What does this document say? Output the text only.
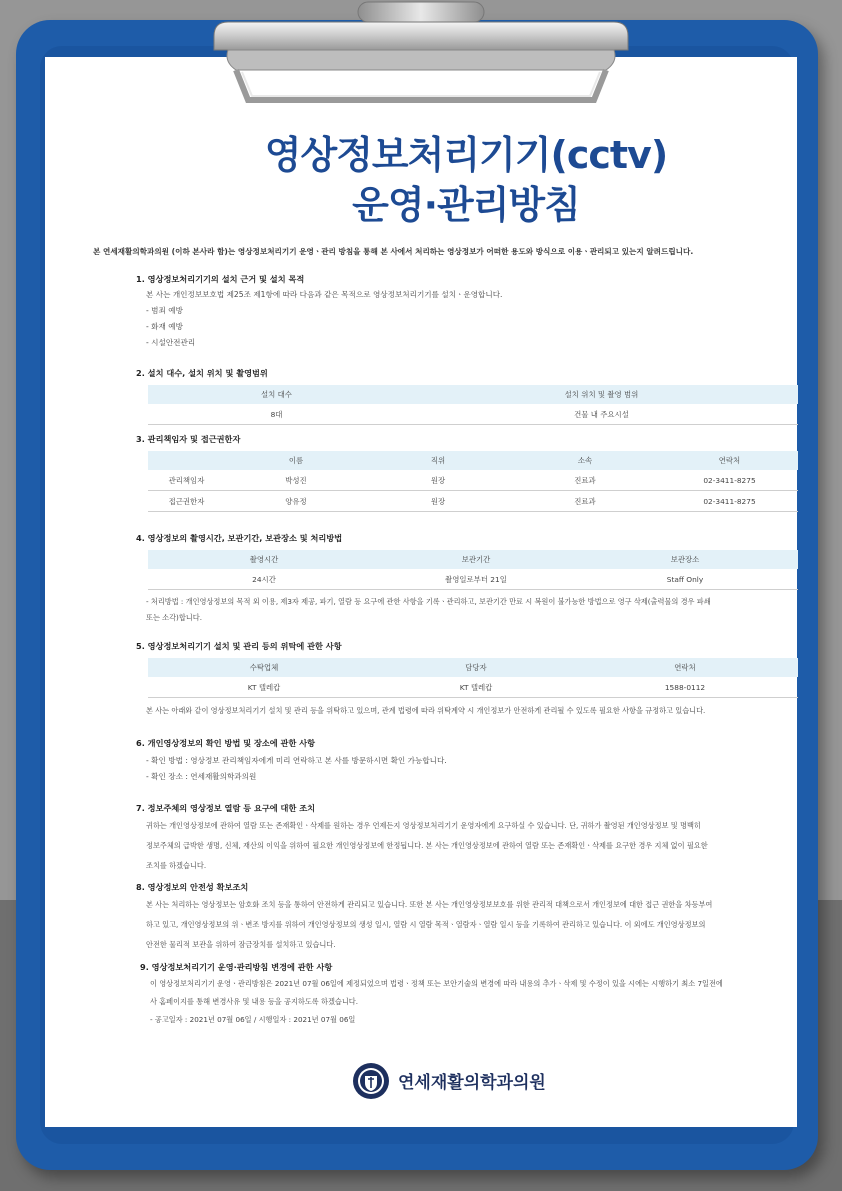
영상정보처리기기(cctv)
운영·관리방침
본 연세재활의학과의원 (이하 본사라 함)는 영상정보처리기기 운영ㆍ관리 방침을 통해 본 사에서 처리하는 영상정보가 어떠한 용도와 방식으로 이용ㆍ관리되고 있는지 알려드립니다.
1. 영상정보처리기기의 설치 근거 및 설치 목적
본 사는 개인정보보호법 제25조 제1항에 따라 다음과 같은 목적으로 영상정보처리기기를 설치ㆍ운영합니다.
- 범죄 예방
- 화재 예방
- 시설안전관리
2. 설치 대수, 설치 위치 및 촬영범위
설치 대수	설치 위치 및 촬영 범위
8대	건물 내 주요시설
3. 관리책임자 및 접근권한자
	이름	직위	소속	연락처
관리책임자	박성진	원장	진료과	02-3411-8275
접근권한자	양유정	원장	진료과	02-3411-8275
4. 영상정보의 촬영시간, 보관기간, 보관장소 및 처리방법
촬영시간	보관기간	보관장소
24시간	촬영일로부터 21일	Staff Only
- 처리방법 : 개인영상정보의 목적 외 이용, 제3자 제공, 파기, 열람 등 요구에 관한 사항을 기록ㆍ관리하고, 보관기간 만료 시 복원이 불가능한 방법으로 영구 삭제(출력물의 경우 파쇄
또는 소각)합니다.
5. 영상정보처리기기 설치 및 관리 등의 위탁에 관한 사항
수탁업체	담당자	연락처
KT 텔레캅	KT 텔레캅	1588-0112
본 사는 아래와 같이 영상정보처리기기 설치 및 관리 등을 위탁하고 있으며, 관계 법령에 따라 위탁계약 시 개인정보가 안전하게 관리될 수 있도록 필요한 사항을 규정하고 있습니다.
6. 개인영상정보의 확인 방법 및 장소에 관한 사항
- 확인 방법 : 영상정보 관리책임자에게 미리 연락하고 본 사를 방문하시면 확인 가능합니다.
- 확인 장소 : 연세재활의학과의원
7. 정보주체의 영상정보 열람 등 요구에 대한 조치
귀하는 개인영상정보에 관하여 열람 또는 존재확인ㆍ삭제를 원하는 경우 언제든지 영상정보처리기기 운영자에게 요구하실 수 있습니다. 단, 귀하가 촬영된 개인영상정보 및 명백히
정보주체의 급박한 생명, 신체, 재산의 이익을 위하여 필요한 개인영상정보에 한정됩니다. 본 사는 개인영상정보에 관하여 열람 또는 존재확인ㆍ삭제를 요구한 경우 지체 없이 필요한
조치를 하겠습니다.
8. 영상정보의 안전성 확보조치
본 사는 처리하는 영상정보는 암호화 조치 등을 통하여 안전하게 관리되고 있습니다. 또한 본 사는 개인영상정보보호를 위한 관리적 대책으로서 개인정보에 대한 접근 권한을 차등부여
하고 있고, 개인영상정보의 위ㆍ변조 방지를 위하여 개인영상정보의 생성 일시, 열람 시 열람 목적ㆍ열람자ㆍ열람 일시 등을 기록하여 관리하고 있습니다. 이 외에도 개인영상정보의
안전한 물리적 보관을 위하여 잠금장치를 설치하고 있습니다.
9. 영상정보처리기기 운영·관리방침 변경에 관한 사항
이 영상정보처리기기 운영ㆍ관리방침은 2021년 07월 06일에 제정되었으며 법령ㆍ정책 또는 보안기술의 변경에 따라 내용의 추가ㆍ삭제 및 수정이 있을 시에는 시행하기 최소 7일전에
사 홈페이지를 통해 변경사유 및 내용 등을 공지하도록 하겠습니다.
- 공고일자 : 2021년 07월 06일 / 시행일자 : 2021년 07월 06일
연세재활의학과의원
